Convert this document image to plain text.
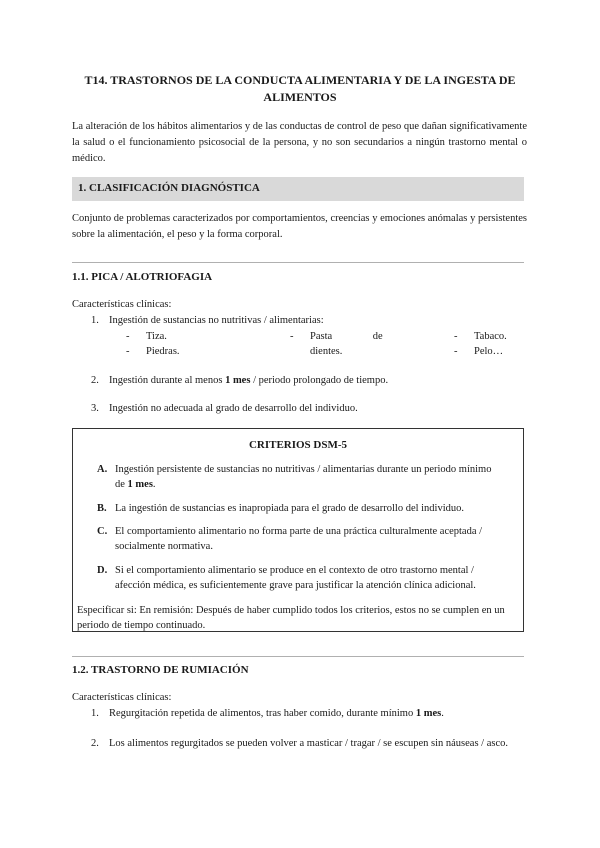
T14. TRASTORNOS DE LA CONDUCTA ALIMENTARIA Y DE LA INGESTA DE
ALIMENTOS
La alteración de los hábitos alimentarios y de las conductas de control de peso que dañan significativamente la salud o el funcionamiento psicosocial de la persona, y no son secundarios a ningún trastorno mental o médico.
1. CLASIFICACIÓN DIAGNÓSTICA
Conjunto de problemas caracterizados por comportamientos, creencias y emociones anómalas y persistentes sobre la alimentación, el peso y la forma corporal.
1.1. PICA / ALOTRIOFAGIA
Características clínicas:
1. Ingestión de sustancias no nutritivas / alimentarias:
- Tiza.
- Piedras.
- Pasta de
dientes.
- Tabaco.
- Pelo…
2. Ingestión durante al menos 1 mes / periodo prolongado de tiempo.
3. Ingestión no adecuada al grado de desarrollo del individuo.
CRITERIOS DSM-5
A. Ingestión persistente de sustancias no nutritivas / alimentarias durante un periodo mínimo de 1 mes.
B. La ingestión de sustancias es inapropiada para el grado de desarrollo del individuo.
C. El comportamiento alimentario no forma parte de una práctica culturalmente aceptada / socialmente normativa.
D. Si el comportamiento alimentario se produce en el contexto de otro trastorno mental / afección médica, es suficientemente grave para justificar la atención clínica adicional.
Especificar si: En remisión: Después de haber cumplido todos los criterios, estos no se cumplen en un periodo de tiempo continuado.
1.2. TRASTORNO DE RUMIACIÓN
Características clínicas:
1. Regurgitación repetida de alimentos, tras haber comido, durante mínimo 1 mes.
2. Los alimentos regurgitados se pueden volver a masticar / tragar / se escupen sin náuseas / asco.
